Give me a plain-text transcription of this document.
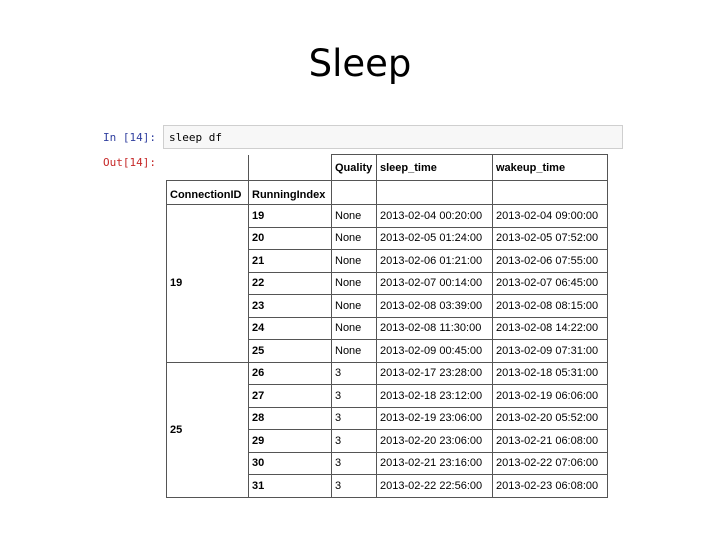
Sleep
In [14]: sleep df
Out[14]:
			Quality	sleep_time	wakeup_time
ConnectionID	RunningIndex			
19	19	None	2013-02-04 00:20:00	2013-02-04 09:00:00
	20	None	2013-02-05 01:24:00	2013-02-05 07:52:00
	21	None	2013-02-06 01:21:00	2013-02-06 07:55:00
	22	None	2013-02-07 00:14:00	2013-02-07 06:45:00
	23	None	2013-02-08 03:39:00	2013-02-08 08:15:00
	24	None	2013-02-08 11:30:00	2013-02-08 14:22:00
	25	None	2013-02-09 00:45:00	2013-02-09 07:31:00
25	26	3	2013-02-17 23:28:00	2013-02-18 05:31:00
	27	3	2013-02-18 23:12:00	2013-02-19 06:06:00
	28	3	2013-02-19 23:06:00	2013-02-20 05:52:00
	29	3	2013-02-20 23:06:00	2013-02-21 06:08:00
	30	3	2013-02-21 23:16:00	2013-02-22 07:06:00
	31	3	2013-02-22 22:56:00	2013-02-23 06:08:00
